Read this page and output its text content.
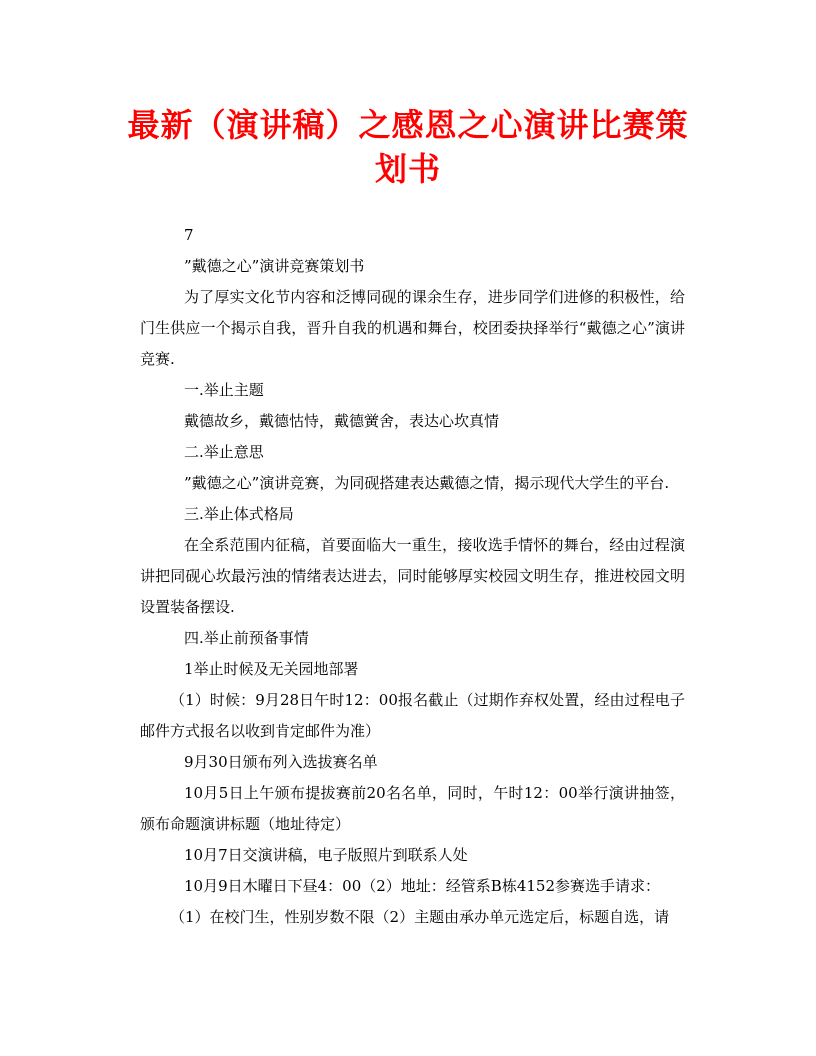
最新（演讲稿）之感恩之心演讲比赛策划书

7

”戴德之心”演讲竞赛策划书

为了厚实文化节内容和泛博同砚的课余生存，进步同学们进修的积极性，给门生供应一个揭示自我，晋升自我的机遇和舞台，校团委抉择举行“戴德之心”演讲竞赛.

一.举止主题

戴德故乡，戴德怙恃，戴德黉舍，表达心坎真情

二.举止意思

”戴德之心”演讲竞赛，为同砚搭建表达戴德之情，揭示现代大学生的平台.

三.举止体式格局

在全系范围内征稿，首要面临大一重生，接收选手情怀的舞台，经由过程演讲把同砚心坎最污浊的情绪表达进去，同时能够厚实校园文明生存，推进校园文明设置装备摆设.

四.举止前预备事情

1举止时候及无关园地部署

（1）时候：9月28日午时12：00报名截止（过期作弃权处置，经由过程电子邮件方式报名以收到肯定邮件为准）

9月30日颁布列入选拔赛名单

10月5日上午颁布提拔赛前20名名单，同时，午时12：00举行演讲抽签，颁布命题演讲标题（地址待定）

10月7日交演讲稿，电子版照片到联系人处

10月9日木曜日下昼4：00（2）地址：经管系B栋4152参赛选手请求：

（1）在校门生，性别岁数不限（2）主题由承办单元选定后，标题自选，请
